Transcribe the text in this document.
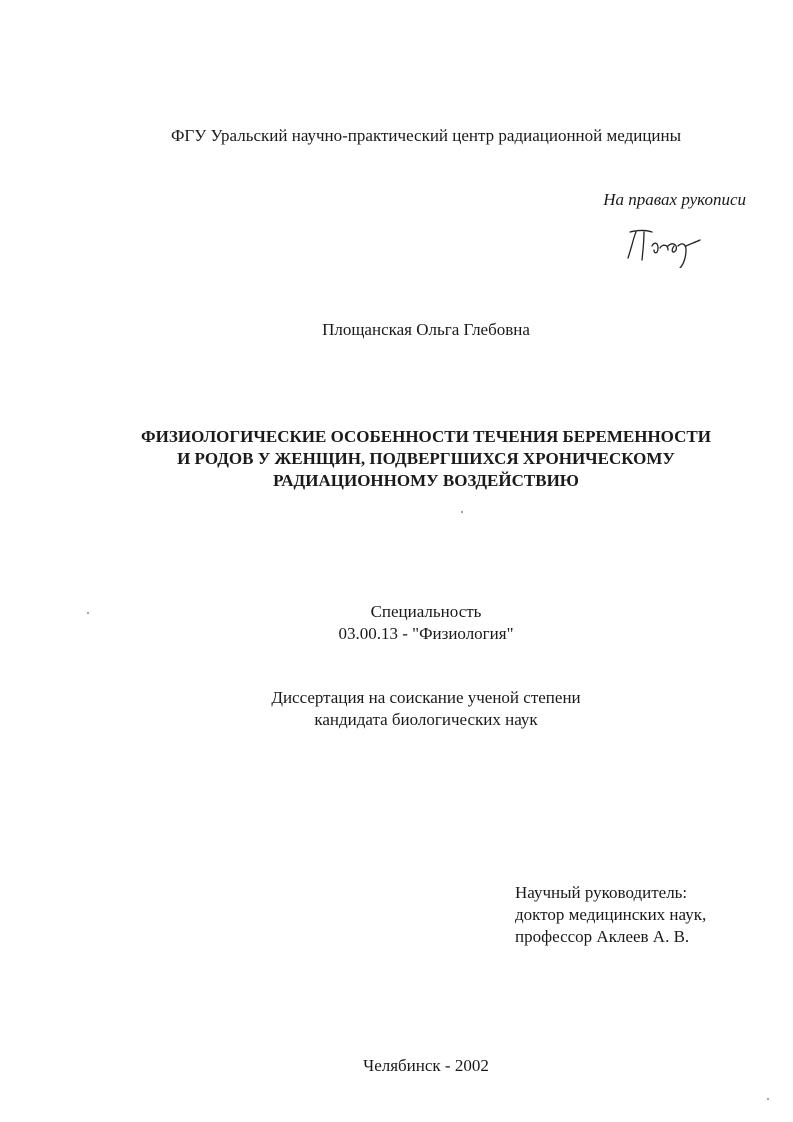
ФГУ Уральский научно-практический центр радиационной медицины
На правах рукописи
Площанская Ольга Глебовна
ФИЗИОЛОГИЧЕСКИЕ ОСОБЕННОСТИ ТЕЧЕНИЯ БЕРЕМЕННОСТИ
И РОДОВ У ЖЕНЩИН, ПОДВЕРГШИХСЯ ХРОНИЧЕСКОМУ
РАДИАЦИОННОМУ ВОЗДЕЙСТВИЮ
Специальность
03.00.13 - "Физиология"
Диссертация на соискание ученой степени
кандидата биологических наук
Научный руководитель:
доктор медицинских наук,
профессор Аклеев А. В.
Челябинск - 2002
